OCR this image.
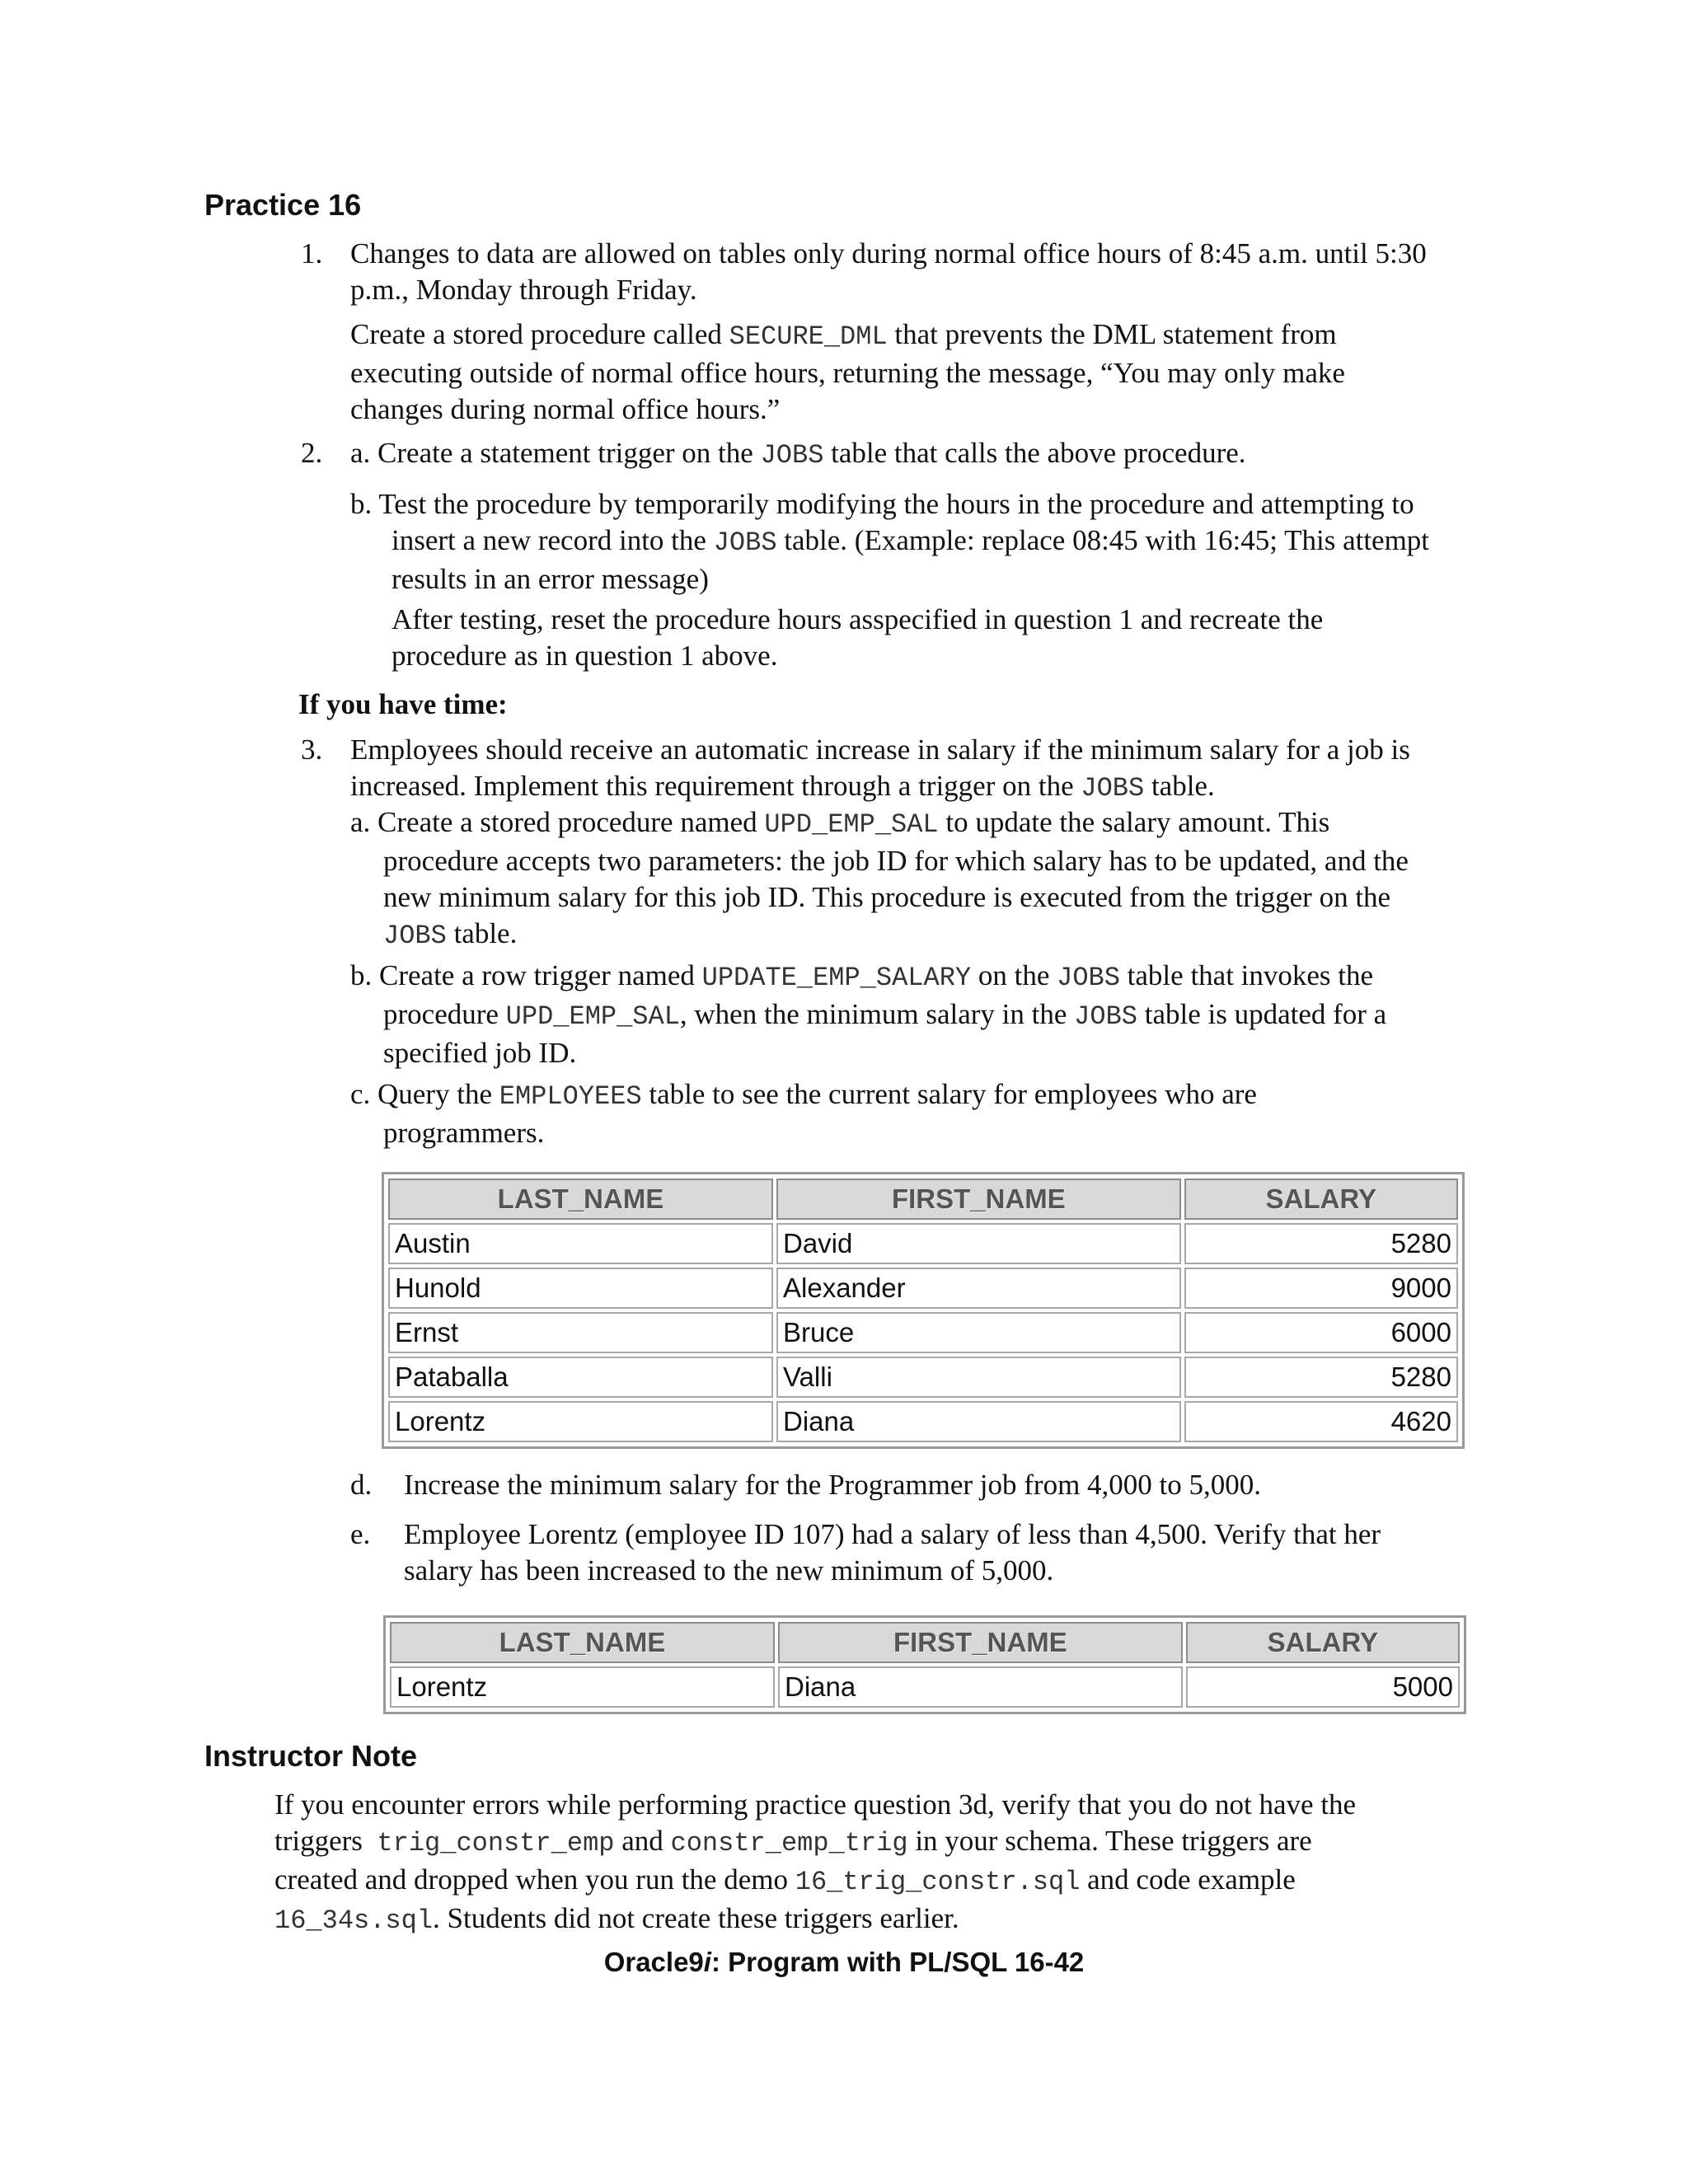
Practice 16
1. Changes to data are allowed on tables only during normal office hours of 8:45 a.m. until 5:30
p.m., Monday through Friday.
Create a stored procedure called SECURE_DML that prevents the DML statement from
executing outside of normal office hours, returning the message, “You may only make
changes during normal office hours.”
2. a. Create a statement trigger on the JOBS table that calls the above procedure.
b. Test the procedure by temporarily modifying the hours in the procedure and attempting to
insert a new record into the JOBS table. (Example: replace 08:45 with 16:45; This attempt
results in an error message)
After testing, reset the procedure hours asspecified in question 1 and recreate the
procedure as in question 1 above.
If you have time:
3. Employees should receive an automatic increase in salary if the minimum salary for a job is
increased. Implement this requirement through a trigger on the JOBS table.
a. Create a stored procedure named UPD_EMP_SAL to update the salary amount. This
procedure accepts two parameters: the job ID for which salary has to be updated, and the
new minimum salary for this job ID. This procedure is executed from the trigger on the
JOBS table.
b. Create a row trigger named UPDATE_EMP_SALARY on the JOBS table that invokes the
procedure UPD_EMP_SAL, when the minimum salary in the JOBS table is updated for a
specified job ID.
c. Query the EMPLOYEES table to see the current salary for employees who are
programmers.
LAST_NAME	FIRST_NAME	SALARY
Austin	David	5280
Hunold	Alexander	9000
Ernst	Bruce	6000
Pataballa	Valli	5280
Lorentz	Diana	4620
d. Increase the minimum salary for the Programmer job from 4,000 to 5,000.
e. Employee Lorentz (employee ID 107) had a salary of less than 4,500. Verify that her
salary has been increased to the new minimum of 5,000.
LAST_NAME	FIRST_NAME	SALARY
Lorentz	Diana	5000
Instructor Note
If you encounter errors while performing practice question 3d, verify that you do not have the
triggers  trig_constr_emp and constr_emp_trig in your schema. These triggers are
created and dropped when you run the demo 16_trig_constr.sql and code example
16_34s.sql. Students did not create these triggers earlier.
Oracle9i: Program with PL/SQL 16-42
